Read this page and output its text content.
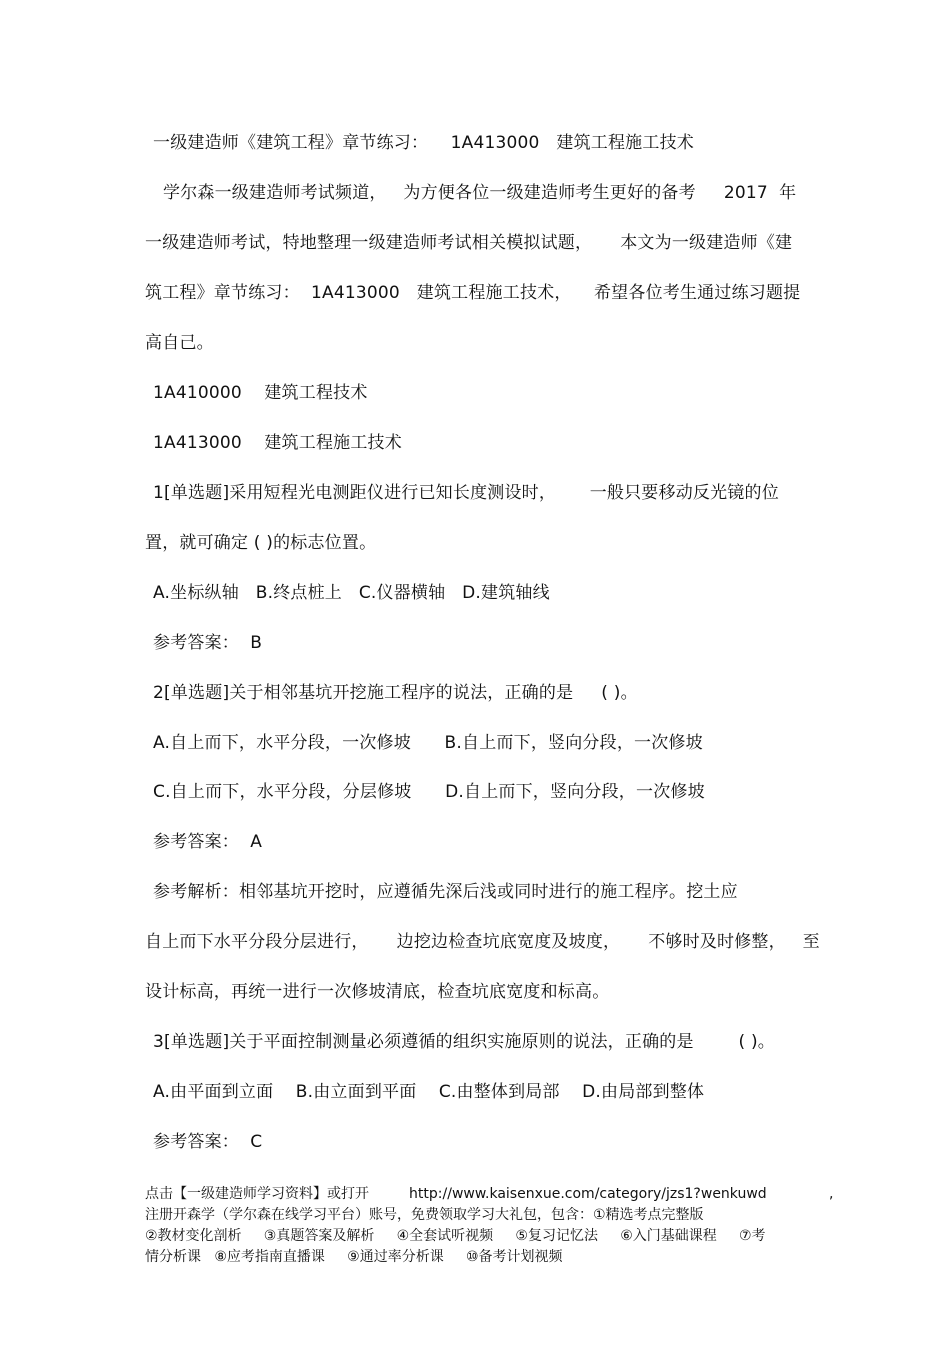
一级建造师《建筑工程》章节练习：    1A413000   建筑工程施工技术
学尔森一级建造师考试频道，   为方便各位一级建造师考生更好的备考     2017  年
一级建造师考试，特地整理一级建造师考试相关模拟试题，     本文为一级建造师《建
筑工程》章节练习：  1A413000   建筑工程施工技术，    希望各位考生通过练习题提
高自己。
1A410000    建筑工程技术
1A413000    建筑工程施工技术
1[单选题]采用短程光电测距仪进行已知长度测设时，      一般只要移动反光镜的位
置，就可确定 ( )的标志位置。
A.坐标纵轴   B.终点桩上   C.仪器横轴   D.建筑轴线
参考答案：  B
2[单选题]关于相邻基坑开挖施工程序的说法，正确的是     ( )。
A.自上而下，水平分段，一次修坡      B.自上而下，竖向分段，一次修坡
C.自上而下，水平分段，分层修坡      D.自上而下，竖向分段，一次修坡
参考答案：  A
参考解析：相邻基坑开挖时，应遵循先深后浅或同时进行的施工程序。挖土应
自上而下水平分段分层进行，     边挖边检查坑底宽度及坡度，     不够时及时修整，   至
设计标高，再统一进行一次修坡清底，检查坑底宽度和标高。
3[单选题]关于平面控制测量必须遵循的组织实施原则的说法，正确的是        ( )。
A.由平面到立面    B.由立面到平面    C.由整体到局部    D.由局部到整体
参考答案：  C
点击【一级建造师学习资料】或打开         http://www.kaisenxue.com/category/jzs1?wenkuwd              ,
注册开森学（学尔森在线学习平台）账号，免费领取学习大礼包，包含：①精选考点完整版
②教材变化剖析     ③真题答案及解析     ④全套试听视频     ⑤复习记忆法     ⑥入门基础课程     ⑦考
情分析课   ⑧应考指南直播课     ⑨通过率分析课     ⑩备考计划视频
